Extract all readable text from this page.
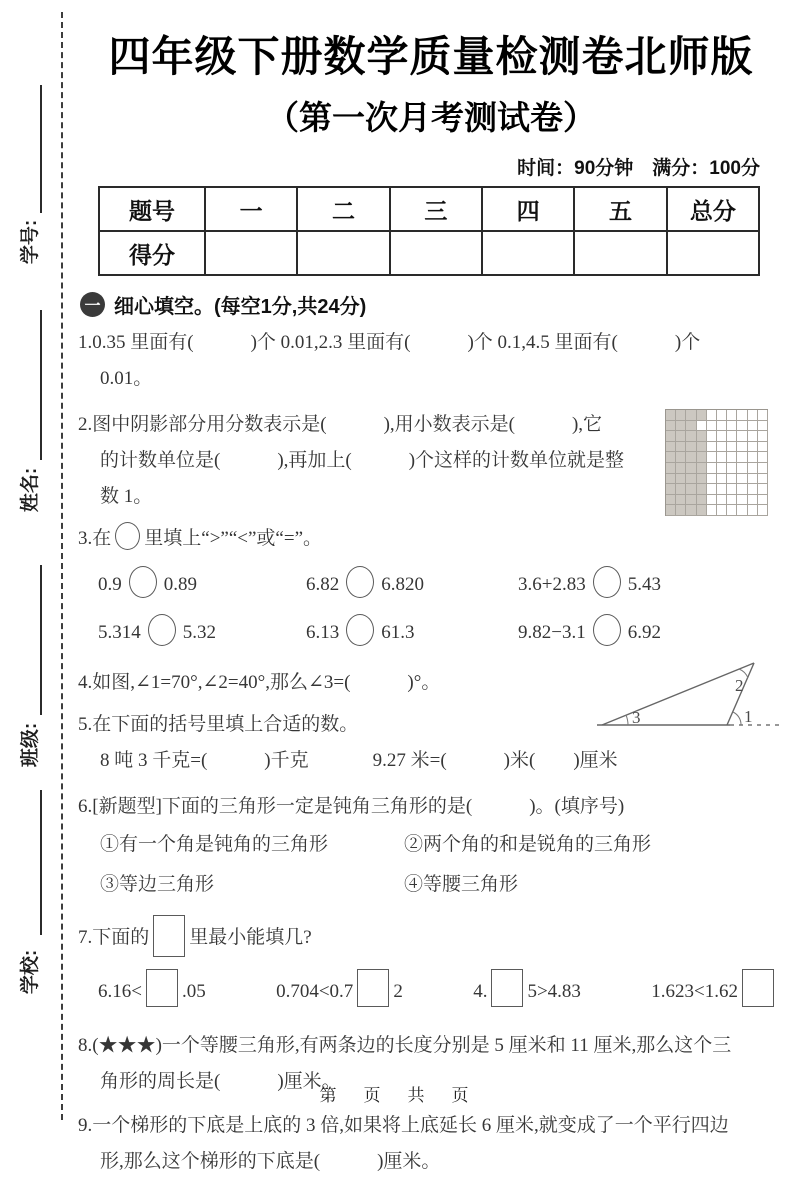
学号:
姓名:
班级:
学校:
四年级下册数学质量检测卷北师版
（第一次月考测试卷）
时间：90分钟　满分：100分
题号	一	二	三	四	五	总分
得分						
一 细心填空。(每空1分,共24分)
1.0.35 里面有(　　　)个 0.01,2.3 里面有(　　　)个 0.1,4.5 里面有(　　　)个
0.01。
2.图中阴影部分用分数表示是(　　　),用小数表示是(　　　),它
的计数单位是(　　　),再加上(　　　)个这样的计数单位就是整
数 1。
3.在 里填上“>”“<”或“=”。
0.9 0.89	6.82 6.820	3.6+2.83 5.43
5.314 5.32	6.13 61.3	9.82−3.1 6.92
4.如图,∠1=70°,∠2=40°,那么∠3=(　　　)°。
3
2
1
5.在下面的括号里填上合适的数。
8 吨 3 千克=(　　　)千克	9.27 米=(　　　)米(　　)厘米
6.[新题型]下面的三角形一定是钝角三角形的是(　　　)。(填序号)
①有一个角是钝角的三角形	②两个角的和是锐角的三角形
③等边三角形	④等腰三角形
7.下面的 里最小能填几?
6.16< .05	0.704<0.7 2	4. 5>4.83	1.623<1.62
8.(★★★)一个等腰三角形,有两条边的长度分别是 5 厘米和 11 厘米,那么这个三
角形的周长是(　　　)厘米。
9.一个梯形的下底是上底的 3 倍,如果将上底延长 6 厘米,就变成了一个平行四边
形,那么这个梯形的下底是(　　　)厘米。
第　页　共　页
